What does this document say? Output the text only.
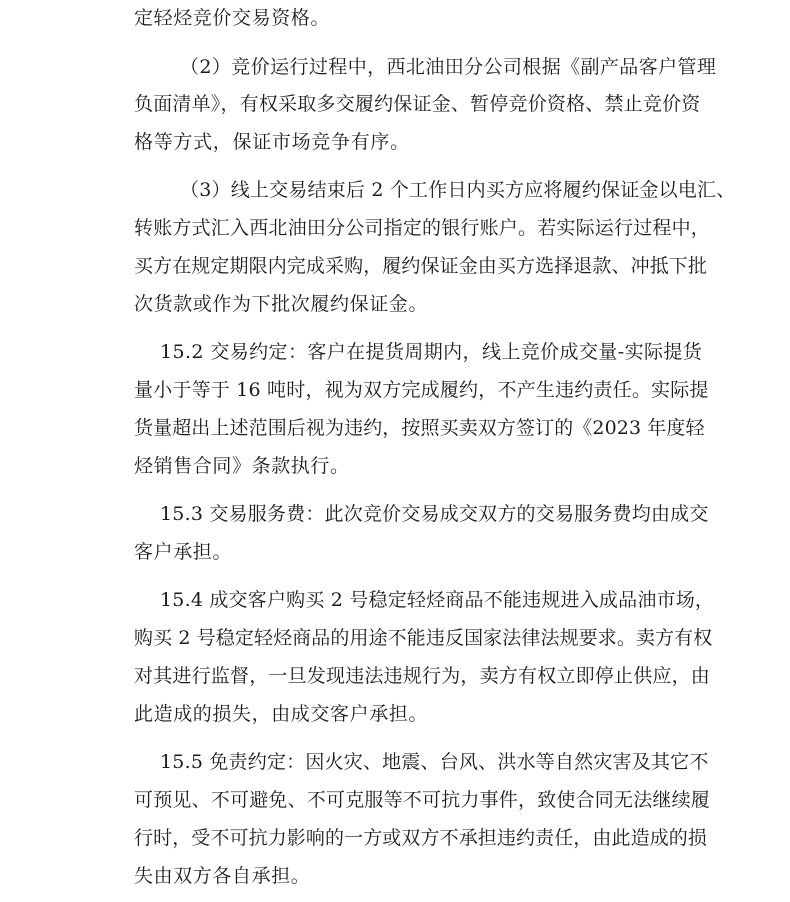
定轻烃竞价交易资格。
（2）竞价运行过程中，西北油田分公司根据《副产品客户管理
负面清单》，有权采取多交履约保证金、暂停竞价资格、禁止竞价资
格等方式，保证市场竞争有序。
（3）线上交易结束后 2 个工作日内买方应将履约保证金以电汇、
转账方式汇入西北油田分公司指定的银行账户。若实际运行过程中，
买方在规定期限内完成采购，履约保证金由买方选择退款、冲抵下批
次货款或作为下批次履约保证金。
15.2 交易约定：客户在提货周期内，线上竞价成交量-实际提货
量小于等于 16 吨时，视为双方完成履约，不产生违约责任。实际提
货量超出上述范围后视为违约，按照买卖双方签订的《2023 年度轻
烃销售合同》条款执行。
15.3 交易服务费：此次竞价交易成交双方的交易服务费均由成交
客户承担。
15.4 成交客户购买 2 号稳定轻烃商品不能违规进入成品油市场，
购买 2 号稳定轻烃商品的用途不能违反国家法律法规要求。卖方有权
对其进行监督，一旦发现违法违规行为，卖方有权立即停止供应，由
此造成的损失，由成交客户承担。
15.5 免责约定：因火灾、地震、台风、洪水等自然灾害及其它不
可预见、不可避免、不可克服等不可抗力事件，致使合同无法继续履
行时，受不可抗力影响的一方或双方不承担违约责任，由此造成的损
失由双方各自承担。
